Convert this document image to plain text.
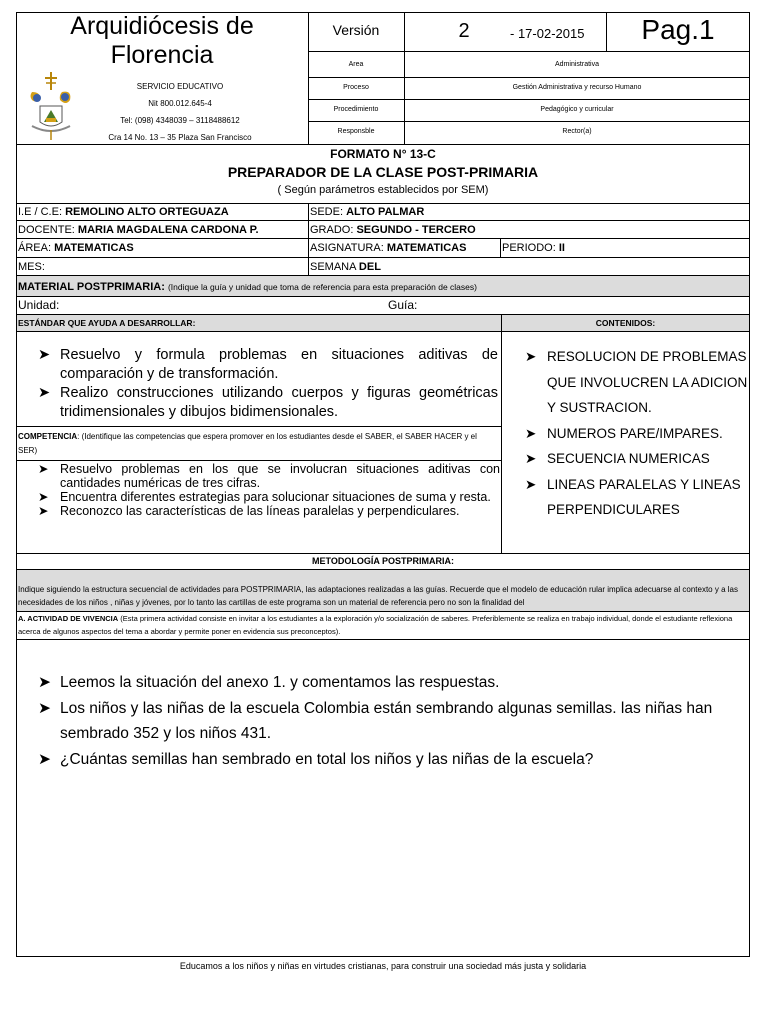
Arquidiócesis de
Florencia
SERVICIO EDUCATIVO
Nit 800.012.645-4
Tel: (098) 4348039 – 3118488612
Cra 14 No. 13 – 35 Plaza San Francisco
Versión	2	- 17-02-2015	Pag.1
Area	Administrativa
Proceso	Gestión Administrativa y recurso Humano
Procedimiento	Pedagógico y curricular
Responsble	Rector(a)
FORMATO N° 13-C
PREPARADOR DE LA CLASE POST-PRIMARIA
( Según parámetros establecidos por SEM)
I.E / C.E: REMOLINO ALTO ORTEGUAZA	SEDE: ALTO PALMAR
DOCENTE: MARIA MAGDALENA CARDONA P.	GRADO: SEGUNDO - TERCERO
ÁREA: MATEMATICAS	ASIGNATURA: MATEMATICAS	PERIODO: II
MES:	SEMANA DEL
MATERIAL POSTPRIMARIA: (Indique la guía y unidad que toma de referencia para esta preparación de clases)
Unidad:	Guía:
ESTÁNDAR QUE AYUDA A DESARROLLAR:	CONTENIDOS:
➤ Resuelvo y formula problemas en situaciones aditivas de comparación y de transformación.
➤ Realizo construcciones utilizando cuerpos y figuras geométricas tridimensionales y dibujos bidimensionales.
➤ RESOLUCION DE PROBLEMAS QUE INVOLUCREN LA ADICION Y SUSTRACION.
➤ NUMEROS PARE/IMPARES.
➤ SECUENCIA NUMERICAS
➤ LINEAS PARALELAS Y LINEAS PERPENDICULARES
COMPETENCIA: (Identifique las competencias que espera promover en los estudiantes desde el SABER, el SABER HACER y el SER)
➤ Resuelvo problemas en los que se involucran situaciones aditivas con cantidades numéricas de tres cifras.
➤ Encuentra diferentes estrategias para solucionar situaciones de suma y resta.
➤ Reconozco las características de las líneas paralelas y perpendiculares.
METODOLOGÍA POSTPRIMARIA:
Indique siguiendo la estructura secuencial de actividades para POSTPRIMARIA, las adaptaciones realizadas a las guías. Recuerde que el modelo de educación rular implica adecuarse al contexto y a las necesidades de los niños , niñas y jóvenes, por lo tanto las cartillas de este programa son un material de referencia pero no son la finalidad del
A. ACTIVIDAD DE VIVENCIA (Esta primera actividad consiste en invitar a los estudiantes a la exploración y/o socialización de saberes. Preferiblemente se realiza en trabajo individual, donde el estudiante reflexiona acerca de algunos aspectos del tema a abordar y permite poner en evidencia sus preconceptos).
➤ Leemos la situación del anexo 1. y comentamos las respuestas.
➤ Los niños y las niñas de la escuela Colombia están sembrando algunas semillas. las niñas han sembrado 352 y los niños 431.
➤ ¿Cuántas semillas han sembrado en total los niños y las niñas de la escuela?
Educamos a los niños y niñas en virtudes cristianas, para construir una sociedad más justa y solidaria
